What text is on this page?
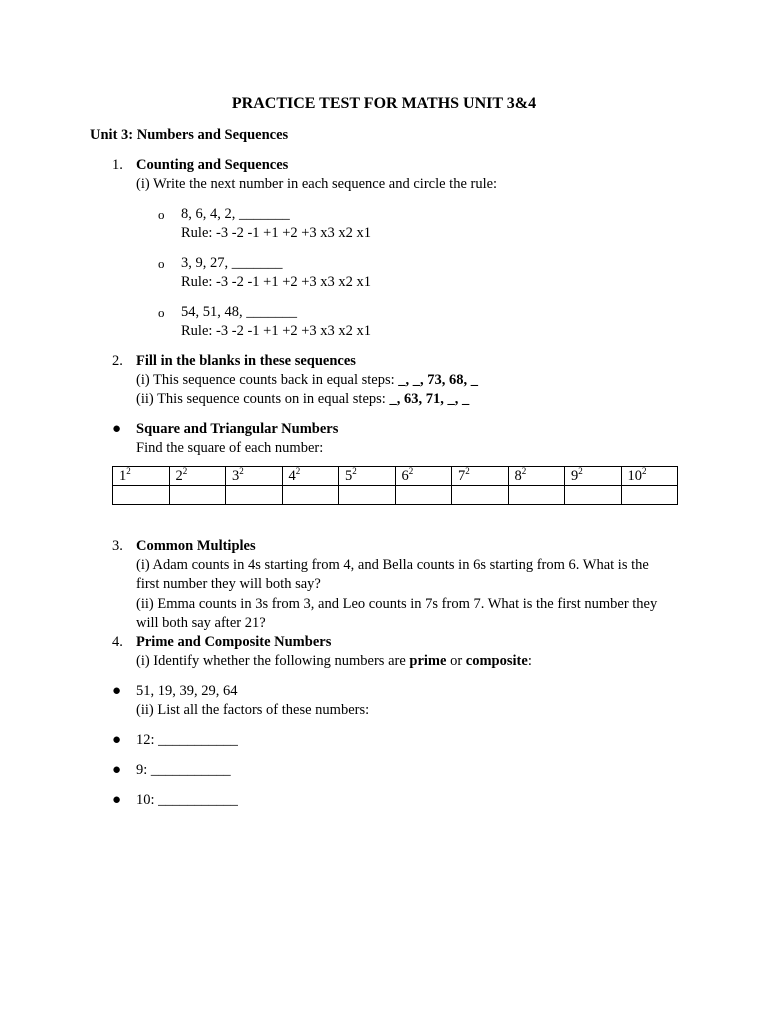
PRACTICE TEST FOR MATHS UNIT 3&4
Unit 3: Numbers and Sequences
1. Counting and Sequences
(i) Write the next number in each sequence and circle the rule:
o 8, 6, 4, 2, _______
Rule: -3 -2 -1 +1 +2 +3 x3 x2 x1
o 3, 9, 27, _______
Rule: -3 -2 -1 +1 +2 +3 x3 x2 x1
o 54, 51, 48, _______
Rule: -3 -2 -1 +1 +2 +3 x3 x2 x1
2. Fill in the blanks in these sequences
(i) This sequence counts back in equal steps: _, _, 73, 68, _
(ii) This sequence counts on in equal steps: _, 63, 71, _, _
● Square and Triangular Numbers
Find the square of each number:
$1^2$	$2^2$	$3^2$	$4^2$	$5^2$	$6^2$	$7^2$	$8^2$	$9^2$	$10^2$

3. Common Multiples
(i) Adam counts in 4s starting from 4, and Bella counts in 6s starting from 6. What is the
first number they will both say?
(ii) Emma counts in 3s from 3, and Leo counts in 7s from 7. What is the first number they
will both say after 21?
4. Prime and Composite Numbers
(i) Identify whether the following numbers are prime or composite:
● 51, 19, 39, 29, 64
(ii) List all the factors of these numbers:
● 12: ___________
● 9: ___________
● 10: ___________
